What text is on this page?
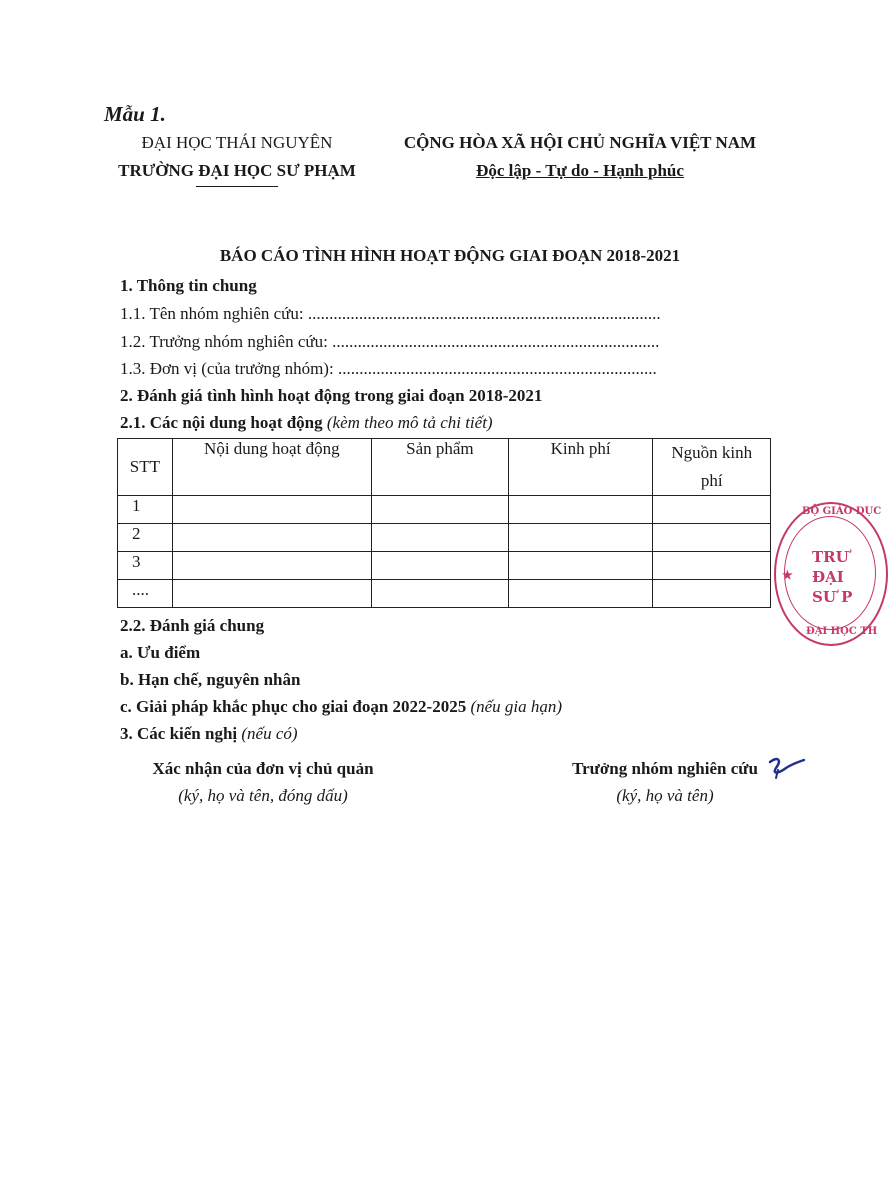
Mẫu 1.
ĐẠI HỌC THÁI NGUYÊN
TRƯỜNG ĐẠI HỌC SƯ PHẠM
CỘNG HÒA XÃ HỘI CHỦ NGHĨA VIỆT NAM
Độc lập - Tự do - Hạnh phúc
BÁO CÁO TÌNH HÌNH HOẠT ĐỘNG GIAI ĐOẠN 2018-2021
1. Thông tin chung
1.1. Tên nhóm nghiên cứu: ...................................................................................
1.2. Trưởng nhóm nghiên cứu: .............................................................................
1.3. Đơn vị (của trưởng nhóm): ...........................................................................
2. Đánh giá tình hình hoạt động trong giai đoạn 2018-2021
2.1. Các nội dung hoạt động (kèm theo mô tả chi tiết)
STT	Nội dung hoạt động	Sản phẩm	Kinh phí	Nguồn kinh phí
1				
2				
3				
....				
2.2. Đánh giá chung
a. Ưu điểm
b. Hạn chế, nguyên nhân
c. Giải pháp khắc phục cho giai đoạn 2022-2025 (nếu gia hạn)
3. Các kiến nghị (nếu có)
Xác nhận của đơn vị chủ quản
(ký, họ và tên, đóng dấu)
Trưởng nhóm nghiên cứu
(ký, họ và tên)
BỘ GIÁO DỤC
TRƯ
ĐẠI
SƯ P
ĐẠI HỌC TH
★
